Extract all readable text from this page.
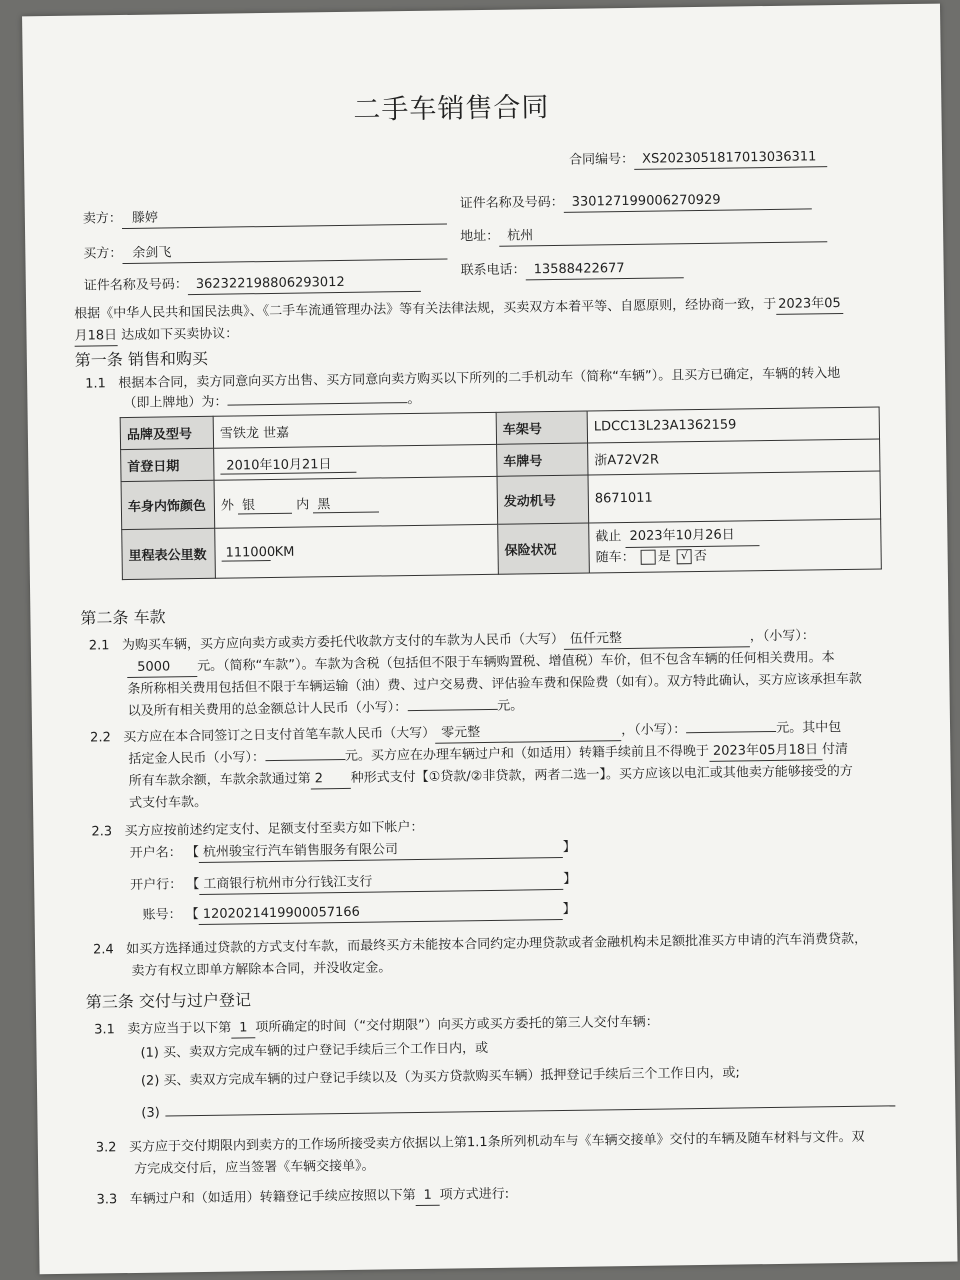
二手车销售合同
合同编号： XS2023051817013036311
卖方： 滕婷
证件名称及号码： 330127199006270929
买方： 余剑飞
地址： 杭州
证件名称及号码： 362322198806293012
联系电话： 13588422677
根据《中华人民共和国民法典》、《二手车流通管理办法》等有关法律法规，买卖双方本着平等、自愿原则，经协商一致，于 2023年05
月18日 达成如下买卖协议：
第一条 销售和购买
1.1 根据本合同，卖方同意向买方出售、买方同意向卖方购买以下所列的二手机动车（简称“车辆”）。且买方已确定，车辆的转入地
（即上牌地）为：	。
品牌及型号	雪铁龙 世嘉	车架号	LDCC13L23A1362159
首登日期	2010年10月21日	车牌号	浙A72V2R
车身内饰颜色	外 银 内 黑	发动机号	8671011
里程表公里数	111000 KM	保险状况	截止 2023年10月26日
随车： 是 √ 否
第二条 车款
2.1 为购买车辆，买方应向卖方或卖方委托代收款方支付的车款为人民币（大写） 伍仟元整	，（小写）：
5000 元。（简称“车款”）。车款为含税（包括但不限于车辆购置税、增值税）车价，但不包含车辆的任何相关费用。本
条所称相关费用包括但不限于车辆运输（油）费、过户交易费、评估验车费和保险费（如有）。双方特此确认，买方应该承担车款
以及所有相关费用的总金额总计人民币（小写）：	元。
2.2 买方应在本合同签订之日支付首笔车款人民币（大写） 零元整	，（小写）：	元。其中包
括定金人民币（小写）：	元。买方应在办理车辆过户和（如适用）转籍手续前且不得晚于 2023年05月18日 付清
所有车款余额，车款余款通过第 2 种形式支付【①贷款/②非贷款，两者二选一】。买方应该以电汇或其他卖方能够接受的方
式支付车款。
2.3 买方应按前述约定支付、足额支付至卖方如下帐户：
开户名： 【 杭州骏宝行汽车销售服务有限公司	】
开户行： 【 工商银行杭州市分行钱江支行	】
账号： 【 1202021419900057166	】
2.4 如买方选择通过贷款的方式支付车款，而最终买方未能按本合同约定办理贷款或者金融机构未足额批准买方申请的汽车消费贷款，
卖方有权立即单方解除本合同，并没收定金。
第三条 交付与过户登记
3.1 卖方应当于以下第 1 项所确定的时间（“交付期限”）向买方或买方委托的第三人交付车辆：
(1) 买、卖双方完成车辆的过户登记手续后三个工作日内，或
(2) 买、卖双方完成车辆的过户登记手续以及（为买方贷款购买车辆）抵押登记手续后三个工作日内，或;
(3)
3.2 买方应于交付期限内到卖方的工作场所接受卖方依据以上第1.1条所列机动车与《车辆交接单》交付的车辆及随车材料与文件。双
方完成交付后，应当签署《车辆交接单》。
3.3 车辆过户和（如适用）转籍登记手续应按照以下第 1 项方式进行:
